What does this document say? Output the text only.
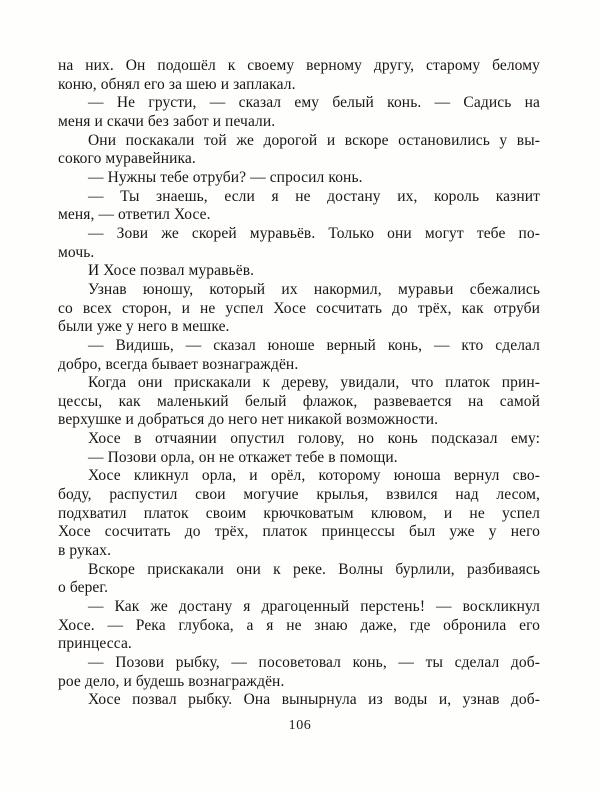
на них. Он подошёл к своему верному другу, старому белому
коню, обнял его за шею и заплакал.
— Не грусти, — сказал ему белый конь. — Садись на
меня и скачи без забот и печали.
Они поскакали той же дорогой и вскоре остановились у вы-
сокого муравейника.
— Нужны тебе отруби? — спросил конь.
— Ты знаешь, если я не достану их, король казнит
меня, — ответил Хосе.
— Зови же скорей муравьёв. Только они могут тебе по-
мочь.
И Хосе позвал муравьёв.
Узнав юношу, который их накормил, муравьи сбежались
со всех сторон, и не успел Хосе сосчитать до трёх, как отруби
были уже у него в мешке.
— Видишь, — сказал юноше верный конь, — кто сделал
добро, всегда бывает вознаграждён.
Когда они прискакали к дереву, увидали, что платок прин-
цессы, как маленький белый флажок, развевается на самой
верхушке и добраться до него нет никакой возможности.
Хосе в отчаянии опустил голову, но конь подсказал ему:
— Позови орла, он не откажет тебе в помощи.
Хосе кликнул орла, и орёл, которому юноша вернул сво-
боду, распустил свои могучие крылья, взвился над лесом,
подхватил платок своим крючковатым клювом, и не успел
Хосе сосчитать до трёх, платок принцессы был уже у него
в руках.
Вскоре прискакали они к реке. Волны бурлили, разбиваясь
о берег.
— Как же достану я драгоценный перстень! — воскликнул
Хосе. — Река глубока, а я не знаю даже, где обронила его
принцесса.
— Позови рыбку, — посоветовал конь, — ты сделал доб-
рое дело, и будешь вознаграждён.
Хосе позвал рыбку. Она вынырнула из воды и, узнав доб-
106
